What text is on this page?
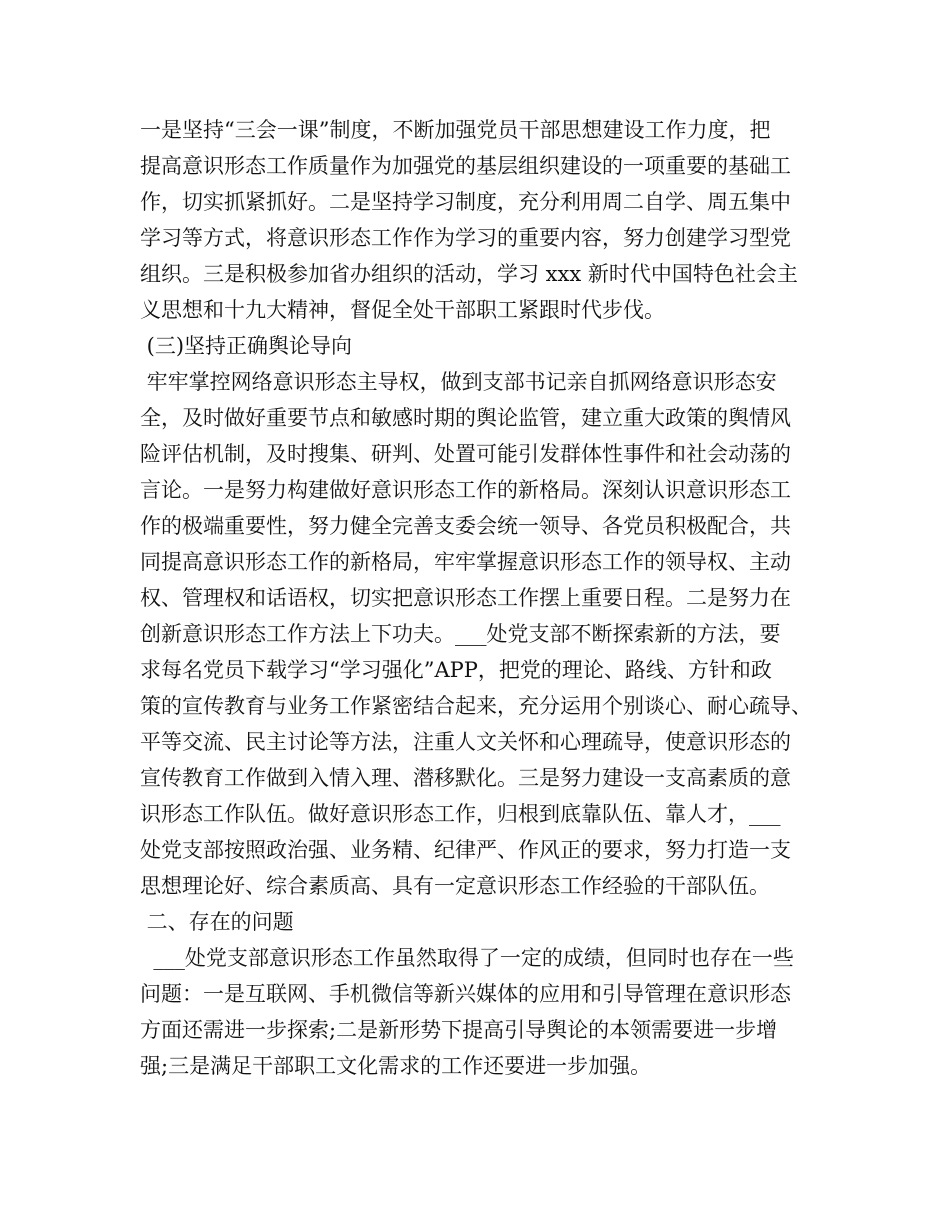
一是坚持“三会一课”制度，不断加强党员干部思想建设工作力度，把
提高意识形态工作质量作为加强党的基层组织建设的一项重要的基础工
作，切实抓紧抓好。二是坚持学习制度，充分利用周二自学、周五集中
学习等方式，将意识形态工作作为学习的重要内容，努力创建学习型党
组织。三是积极参加省办组织的活动，学习 xxx 新时代中国特色社会主
义思想和十九大精神，督促全处干部职工紧跟时代步伐。
(三)坚持正确舆论导向
牢牢掌控网络意识形态主导权，做到支部书记亲自抓网络意识形态安
全，及时做好重要节点和敏感时期的舆论监管，建立重大政策的舆情风
险评估机制，及时搜集、研判、处置可能引发群体性事件和社会动荡的
言论。一是努力构建做好意识形态工作的新格局。深刻认识意识形态工
作的极端重要性，努力健全完善支委会统一领导、各党员积极配合，共
同提高意识形态工作的新格局，牢牢掌握意识形态工作的领导权、主动
权、管理权和话语权，切实把意识形态工作摆上重要日程。二是努力在
创新意识形态工作方法上下功夫。___处党支部不断探索新的方法，要
求每名党员下载学习“学习强化”APP，把党的理论、路线、方针和政
策的宣传教育与业务工作紧密结合起来，充分运用个别谈心、耐心疏导、
平等交流、民主讨论等方法，注重人文关怀和心理疏导，使意识形态的
宣传教育工作做到入情入理、潜移默化。三是努力建设一支高素质的意
识形态工作队伍。做好意识形态工作，归根到底靠队伍、靠人才，___
处党支部按照政治强、业务精、纪律严、作风正的要求，努力打造一支
思想理论好、综合素质高、具有一定意识形态工作经验的干部队伍。
二、存在的问题
___处党支部意识形态工作虽然取得了一定的成绩，但同时也存在一些
问题：一是互联网、手机微信等新兴媒体的应用和引导管理在意识形态
方面还需进一步探索;二是新形势下提高引导舆论的本领需要进一步增
强;三是满足干部职工文化需求的工作还要进一步加强。
